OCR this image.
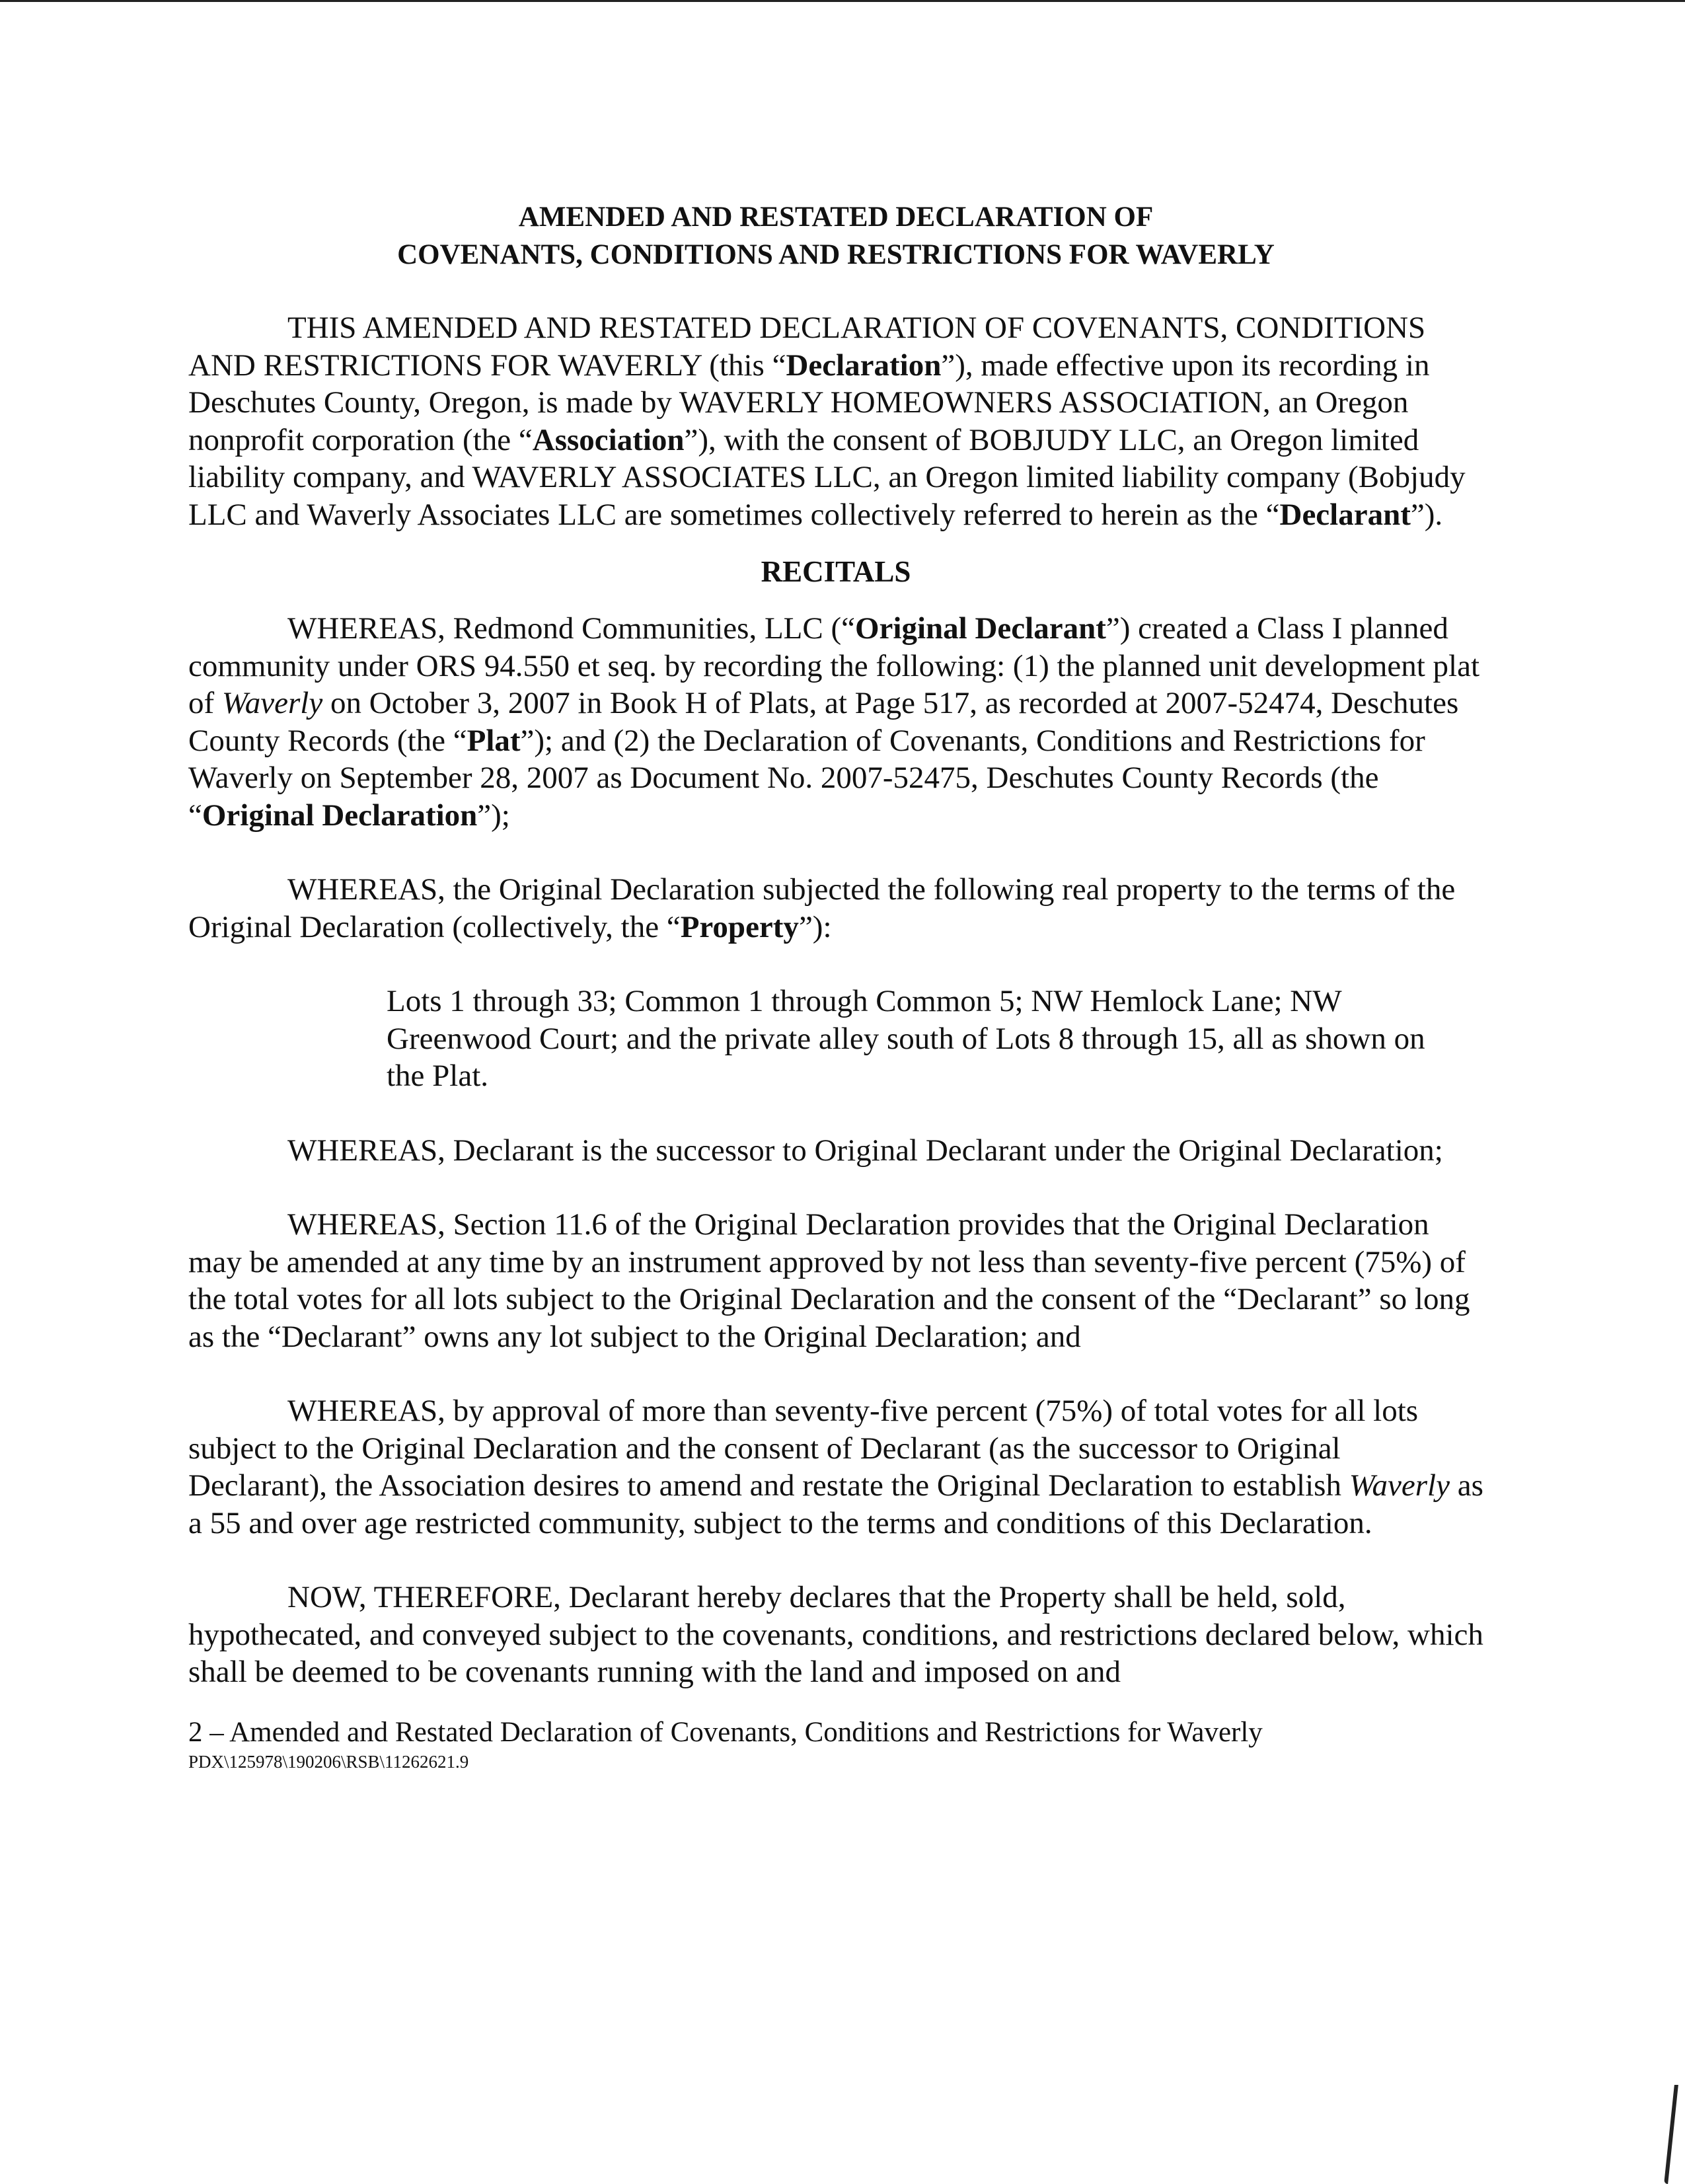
AMENDED AND RESTATED DECLARATION OF
COVENANTS, CONDITIONS AND RESTRICTIONS FOR WAVERLY

THIS AMENDED AND RESTATED DECLARATION OF COVENANTS, CONDITIONS AND RESTRICTIONS FOR WAVERLY (this “Declaration”), made effective upon its recording in Deschutes County, Oregon, is made by WAVERLY HOMEOWNERS ASSOCIATION, an Oregon nonprofit corporation (the “Association”), with the consent of BOBJUDY LLC, an Oregon limited liability company, and WAVERLY ASSOCIATES LLC, an Oregon limited liability company (Bobjudy LLC and Waverly Associates LLC are sometimes collectively referred to herein as the “Declarant”).

RECITALS

WHEREAS, Redmond Communities, LLC (“Original Declarant”) created a Class I planned community under ORS 94.550 et seq. by recording the following: (1) the planned unit development plat of Waverly on October 3, 2007 in Book H of Plats, at Page 517, as recorded at 2007-52474, Deschutes County Records (the “Plat”); and (2) the Declaration of Covenants, Conditions and Restrictions for Waverly on September 28, 2007 as Document No. 2007-52475, Deschutes County Records (the “Original Declaration”);

WHEREAS, the Original Declaration subjected the following real property to the terms of the Original Declaration (collectively, the “Property”):

Lots 1 through 33; Common 1 through Common 5; NW Hemlock Lane; NW Greenwood Court; and the private alley south of Lots 8 through 15, all as shown on the Plat.

WHEREAS, Declarant is the successor to Original Declarant under the Original Declaration;

WHEREAS, Section 11.6 of the Original Declaration provides that the Original Declaration may be amended at any time by an instrument approved by not less than seventy-five percent (75%) of the total votes for all lots subject to the Original Declaration and the consent of the “Declarant” so long as the “Declarant” owns any lot subject to the Original Declaration; and

WHEREAS, by approval of more than seventy-five percent (75%) of total votes for all lots subject to the Original Declaration and the consent of Declarant (as the successor to Original Declarant), the Association desires to amend and restate the Original Declaration to establish Waverly as a 55 and over age restricted community, subject to the terms and conditions of this Declaration.

NOW, THEREFORE, Declarant hereby declares that the Property shall be held, sold, hypothecated, and conveyed subject to the covenants, conditions, and restrictions declared below, which shall be deemed to be covenants running with the land and imposed on and

2 – Amended and Restated Declaration of Covenants, Conditions and Restrictions for Waverly

PDX\125978\190206\RSB\11262621.9
